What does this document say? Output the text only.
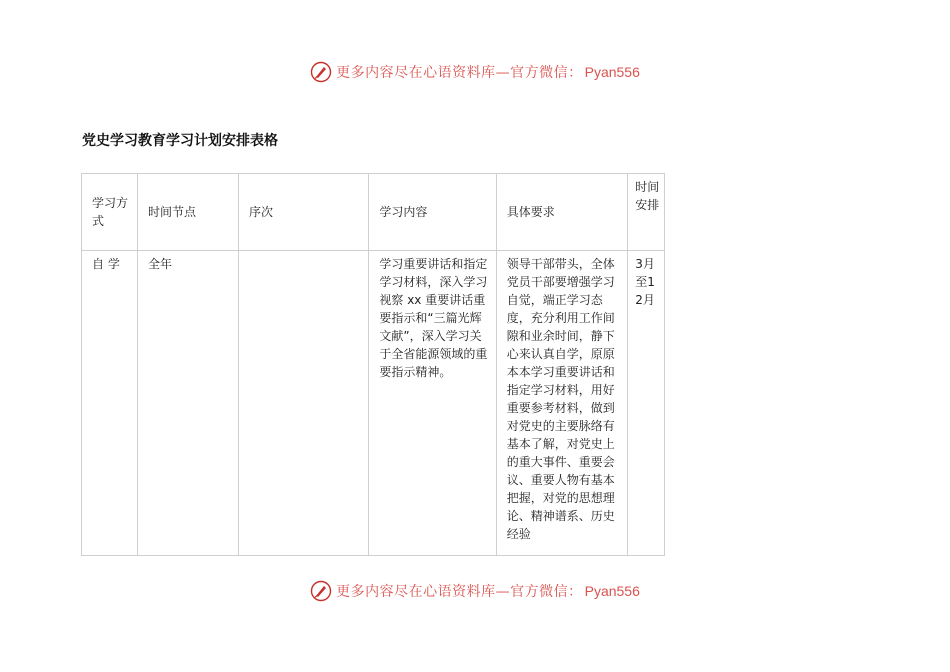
更多内容尽在心语资料库—官方微信： Pyan556
党史学习教育学习计划安排表格
学习方式	时间节点	序次	学习内容	具体要求	时间安排
自 学	全年		学习重要讲话和指定学习材料，深入学习视察 xx 重要讲话重要指示和“三篇光辉文献”，深入学习关于全省能源领域的重要指示精神。	领导干部带头，全体党员干部要增强学习自觉，端正学习态度，充分利用工作间隙和业余时间，静下心来认真自学，原原本本学习重要讲话和指定学习材料，用好重要参考材料，做到对党史的主要脉络有基本了解，对党史上的重大事件、重要会议、重要人物有基本把握，对党的思想理论、精神谱系、历史经验	3月至12月
更多内容尽在心语资料库—官方微信： Pyan556
